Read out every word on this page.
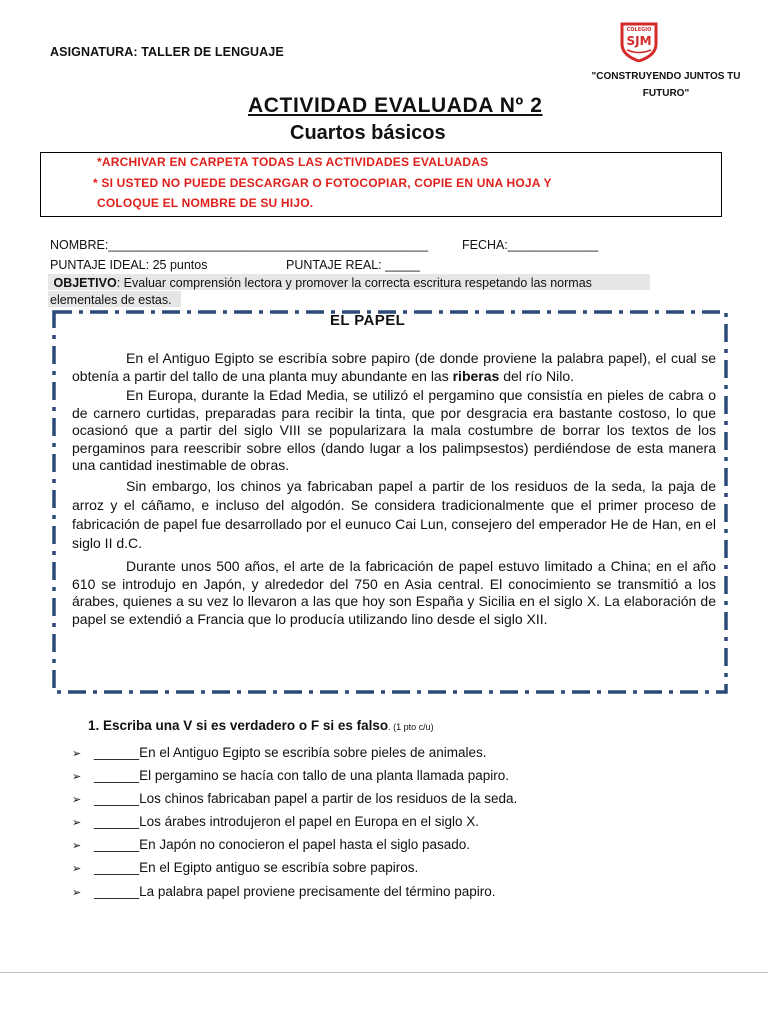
ASIGNATURA: TALLER DE LENGUAJE
COLEGIO
SJM
"CONSTRUYENDO JUNTOS TU
FUTURO"
ACTIVIDAD EVALUADA Nº 2
Cuartos básicos
*ARCHIVAR EN CARPETA TODAS LAS ACTIVIDADES EVALUADAS
* SI USTED NO PUEDE DESCARGAR O FOTOCOPIAR, COPIE EN UNA HOJA Y
COLOQUE EL NOMBRE DE SU HIJO.
NOMBRE:______________________________________________	FECHA:_____________
PUNTAJE IDEAL: 25 puntos	PUNTAJE REAL: _____
OBJETIVO: Evaluar comprensión lectora y promover la correcta escritura respetando las normas elementales de estas.
EL PAPEL

En el Antiguo Egipto se escribía sobre papiro (de donde proviene la palabra papel), el cual se obtenía a partir del tallo de una planta muy abundante en las riberas del río Nilo.

En Europa, durante la Edad Media, se utilizó el pergamino que consistía en pieles de cabra o de carnero curtidas, preparadas para recibir la tinta, que por desgracia era bastante costoso, lo que ocasionó que a partir del siglo VIII se popularizara la mala costumbre de borrar los textos de los pergaminos para reescribir sobre ellos (dando lugar a los palimpsestos) perdiéndose de esta manera una cantidad inestimable de obras.

Sin embargo, los chinos ya fabricaban papel a partir de los residuos de la seda, la paja de arroz y el cáñamo, e incluso del algodón. Se considera tradicionalmente que el primer proceso de fabricación de papel fue desarrollado por el eunuco Cai Lun, consejero del emperador He de Han, en el siglo II d.C.

Durante unos 500 años, el arte de la fabricación de papel estuvo limitado a China; en el año 610 se introdujo en Japón, y alrededor del 750 en Asia central. El conocimiento se transmitió a los árabes, quienes a su vez lo llevaron a las que hoy son España y Sicilia en el siglo X. La elaboración de papel se extendió a Francia que lo producía utilizando lino desde el siglo XII.

1. Escriba una V si es verdadero o F si es falso. (1 pto c/u)
➢ ______En el Antiguo Egipto se escribía sobre pieles de animales.
➢ ______El pergamino se hacía con tallo de una planta llamada papiro.
➢ ______Los chinos fabricaban papel a partir de los residuos de la seda.
➢ ______Los árabes introdujeron el papel en Europa en el siglo X.
➢ ______En Japón no conocieron el papel hasta el siglo pasado.
➢ ______En el Egipto antiguo se escribía sobre papiros.
➢ ______La palabra papel proviene precisamente del término papiro.
